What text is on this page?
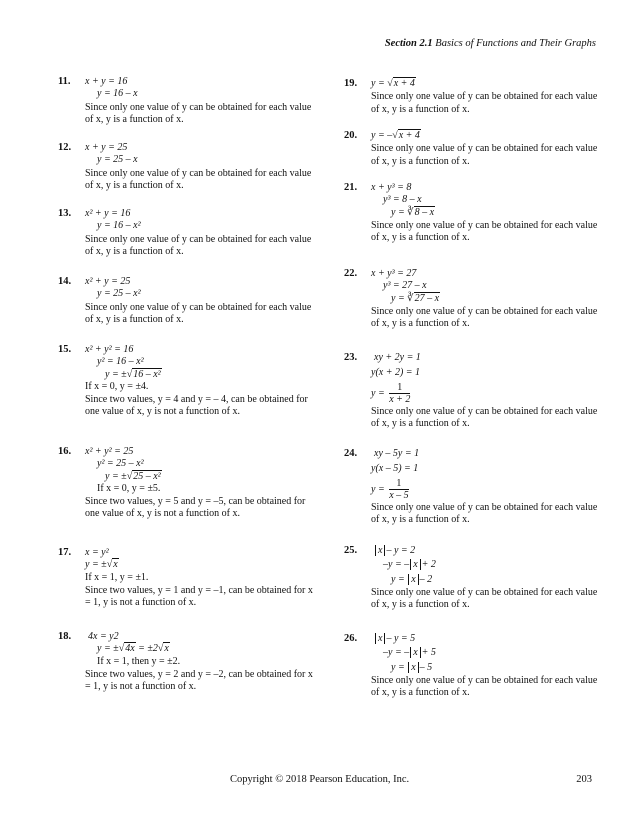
Section 2.1 Basics of Functions and Their Graphs
11. x + y = 16
y = 16 – x
Since only one value of y can be obtained for each value of x, y is a function of x.
12. x + y = 25
y = 25 – x
Since only one value of y can be obtained for each value of x, y is a function of x.
13. x² + y = 16
y = 16 – x²
Since only one value of y can be obtained for each value of x, y is a function of x.
14. x² + y = 25
y = 25 – x²
Since only one value of y can be obtained for each value of x, y is a function of x.
15. x² + y² = 16
y² = 16 – x²
y = ±√16 – x²
If x = 0, y = ±4.
Since two values, y = 4 and y = – 4, can be obtained for one value of x, y is not a function of x.
16. x² + y² = 25
y² = 25 – x²
y = ±√25 – x²
If x = 0, y = ±5.
Since two values, y = 5 and y = –5, can be obtained for one value of x, y is not a function of x.
17. x = y²
y = ±√x
If x = 1, y = ±1.
Since two values, y = 1 and y = –1, can be obtained for x = 1, y is not a function of x.
18.	4x = y2
y = ±√4x = ±2√x
If x = 1, then y = ±2.
Since two values, y = 2 and y = –2, can be obtained for x = 1, y is not a function of x.
19. y = √x + 4
Since only one value of y can be obtained for each value of x, y is a function of x.
20. y = –√x + 4
Since only one value of y can be obtained for each value of x, y is a function of x.
21. x + y³ = 8
y³ = 8 – x
y = ∛8 – x
Since only one value of y can be obtained for each value of x, y is a function of x.
22. x + y³ = 27
y³ = 27 – x
y = ∛27 – x
Since only one value of y can be obtained for each value of x, y is a function of x.
23.	xy + 2y = 1
y(x + 2) = 1
$y = \frac{1}{x + 2}$
Since only one value of y can be obtained for each value of x, y is a function of x.
24.	xy – 5y = 1
y(x – 5) = 1
$y = \frac{1}{x - 5}$
Since only one value of y can be obtained for each value of x, y is a function of x.
25.	x – y = 2
–y = – x + 2
y = x – 2
Since only one value of y can be obtained for each value of x, y is a function of x.
26.	x – y = 5
–y = – x + 5
y = x – 5
Since only one value of y can be obtained for each value of x, y is a function of x.
Copyright © 2018 Pearson Education, Inc.	203
